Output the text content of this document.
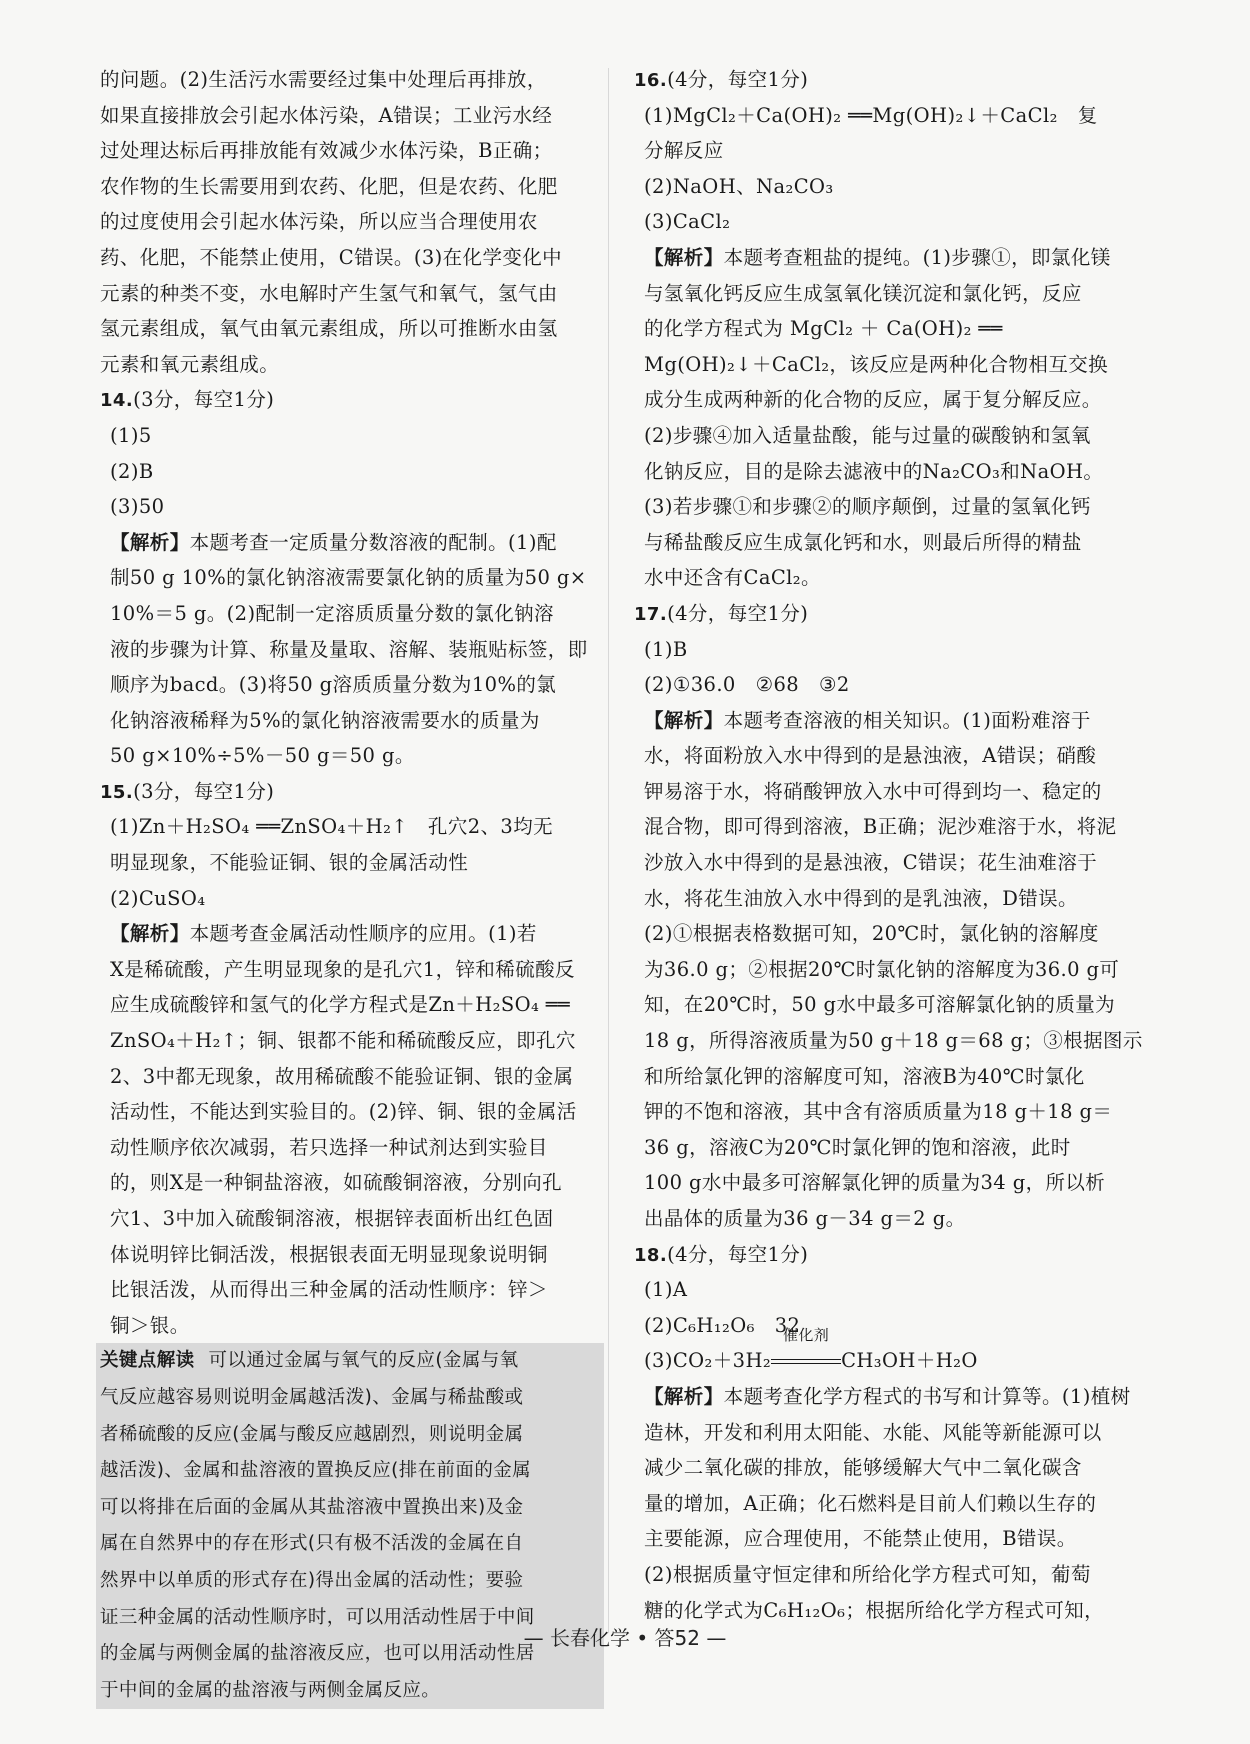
的问题。(2)生活污水需要经过集中处理后再排放，
如果直接排放会引起水体污染，A错误；工业污水经
过处理达标后再排放能有效减少水体污染，B正确；
农作物的生长需要用到农药、化肥，但是农药、化肥
的过度使用会引起水体污染，所以应当合理使用农
药、化肥，不能禁止使用，C错误。(3)在化学变化中
元素的种类不变，水电解时产生氢气和氧气，氢气由
氢元素组成，氧气由氧元素组成，所以可推断水由氢
元素和氧元素组成。
14.(3分，每空1分)
(1)5
(2)B
(3)50
【解析】本题考查一定质量分数溶液的配制。(1)配
制50 g 10%的氯化钠溶液需要氯化钠的质量为50 g×
10%＝5 g。(2)配制一定溶质质量分数的氯化钠溶
液的步骤为计算、称量及量取、溶解、装瓶贴标签，即
顺序为bacd。(3)将50 g溶质质量分数为10%的氯
化钠溶液稀释为5%的氯化钠溶液需要水的质量为
50 g×10%÷5%－50 g＝50 g。
15.(3分，每空1分)
(1)Zn＋H₂SO₄ ══ZnSO₄＋H₂↑　孔穴2、3均无
明显现象，不能验证铜、银的金属活动性
(2)CuSO₄
【解析】本题考查金属活动性顺序的应用。(1)若
X是稀硫酸，产生明显现象的是孔穴1，锌和稀硫酸反
应生成硫酸锌和氢气的化学方程式是Zn＋H₂SO₄ ══
ZnSO₄＋H₂↑；铜、银都不能和稀硫酸反应，即孔穴
2、3中都无现象，故用稀硫酸不能验证铜、银的金属
活动性，不能达到实验目的。(2)锌、铜、银的金属活
动性顺序依次减弱，若只选择一种试剂达到实验目
的，则X是一种铜盐溶液，如硫酸铜溶液，分别向孔
穴1、3中加入硫酸铜溶液，根据锌表面析出红色固
体说明锌比铜活泼，根据银表面无明显现象说明铜
比银活泼，从而得出三种金属的活动性顺序：锌＞
铜＞银。
关键点解读 可以通过金属与氧气的反应(金属与氧
气反应越容易则说明金属越活泼)、金属与稀盐酸或
者稀硫酸的反应(金属与酸反应越剧烈，则说明金属
越活泼)、金属和盐溶液的置换反应(排在前面的金属
可以将排在后面的金属从其盐溶液中置换出来)及金
属在自然界中的存在形式(只有极不活泼的金属在自
然界中以单质的形式存在)得出金属的活动性；要验
证三种金属的活动性顺序时，可以用活动性居于中间
的金属与两侧金属的盐溶液反应，也可以用活动性居
于中间的金属的盐溶液与两侧金属反应。
16.(4分，每空1分)
(1)MgCl₂＋Ca(OH)₂ ══Mg(OH)₂↓＋CaCl₂　复
分解反应
(2)NaOH、Na₂CO₃
(3)CaCl₂
【解析】本题考查粗盐的提纯。(1)步骤①，即氯化镁
与氢氧化钙反应生成氢氧化镁沉淀和氯化钙，反应
的化学方程式为 MgCl₂ ＋ Ca(OH)₂ ══
Mg(OH)₂↓＋CaCl₂，该反应是两种化合物相互交换
成分生成两种新的化合物的反应，属于复分解反应。
(2)步骤④加入适量盐酸，能与过量的碳酸钠和氢氧
化钠反应，目的是除去滤液中的Na₂CO₃和NaOH。
(3)若步骤①和步骤②的顺序颠倒，过量的氢氧化钙
与稀盐酸反应生成氯化钙和水，则最后所得的精盐
水中还含有CaCl₂。
17.(4分，每空1分)
(1)B
(2)①36.0　②68　③2
【解析】本题考查溶液的相关知识。(1)面粉难溶于
水，将面粉放入水中得到的是悬浊液，A错误；硝酸
钾易溶于水，将硝酸钾放入水中可得到均一、稳定的
混合物，即可得到溶液，B正确；泥沙难溶于水，将泥
沙放入水中得到的是悬浊液，C错误；花生油难溶于
水，将花生油放入水中得到的是乳浊液，D错误。
(2)①根据表格数据可知，20℃时，氯化钠的溶解度
为36.0 g；②根据20℃时氯化钠的溶解度为36.0 g可
知，在20℃时，50 g水中最多可溶解氯化钠的质量为
18 g，所得溶液质量为50 g＋18 g＝68 g；③根据图示
和所给氯化钾的溶解度可知，溶液B为40℃时氯化
钾的不饱和溶液，其中含有溶质质量为18 g＋18 g＝
36 g，溶液C为20℃时氯化钾的饱和溶液，此时
100 g水中最多可溶解氯化钾的质量为34 g，所以析
出晶体的质量为36 g－34 g＝2 g。
18.(4分，每空1分)
(1)A
(2)C₆H₁₂O₆　32
(3)CO₂＋3H₂
催化剂
CH₃OH＋H₂O
【解析】本题考查化学方程式的书写和计算等。(1)植树
造林，开发和利用太阳能、水能、风能等新能源可以
减少二氧化碳的排放，能够缓解大气中二氧化碳含
量的增加，A正确；化石燃料是目前人们赖以生存的
主要能源，应合理使用，不能禁止使用，B错误。
(2)根据质量守恒定律和所给化学方程式可知，葡萄
糖的化学式为C₆H₁₂O₆；根据所给化学方程式可知，
— 长春化学 • 答52 —
